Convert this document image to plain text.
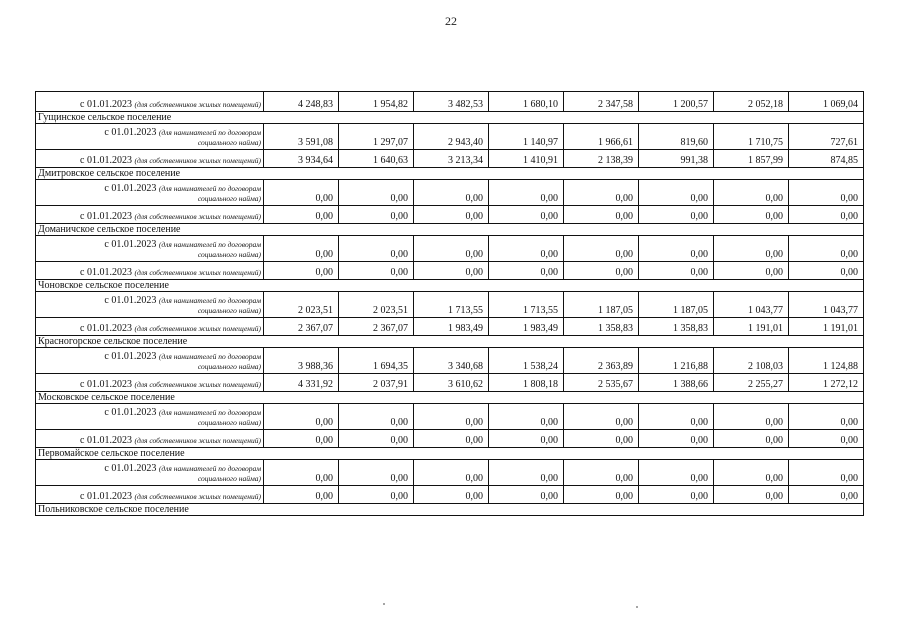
22
с 01.01.2023 (для собственников жилых помещений)	4 248,83	1 954,82	3 482,53	1 680,10	2 347,58	1 200,57	2 052,18	1 069,04
Гущинское сельское поселение								
с 01.01.2023 (для нанимателей по договорам
социального найма)	3 591,08	1 297,07	2 943,40	1 140,97	1 966,61	819,60	1 710,75	727,61
с 01.01.2023 (для собственников жилых помещений)	3 934,64	1 640,63	3 213,34	1 410,91	2 138,39	991,38	1 857,99	874,85
Дмитровское сельское поселение								
с 01.01.2023 (для нанимателей по договорам
социального найма)	0,00	0,00	0,00	0,00	0,00	0,00	0,00	0,00
с 01.01.2023 (для собственников жилых помещений)	0,00	0,00	0,00	0,00	0,00	0,00	0,00	0,00
Доманичское сельское поселение								
с 01.01.2023 (для нанимателей по договорам
социального найма)	0,00	0,00	0,00	0,00	0,00	0,00	0,00	0,00
с 01.01.2023 (для собственников жилых помещений)	0,00	0,00	0,00	0,00	0,00	0,00	0,00	0,00
Чоновское сельское поселение								
с 01.01.2023 (для нанимателей по договорам
социального найма)	2 023,51	2 023,51	1 713,55	1 713,55	1 187,05	1 187,05	1 043,77	1 043,77
с 01.01.2023 (для собственников жилых помещений)	2 367,07	2 367,07	1 983,49	1 983,49	1 358,83	1 358,83	1 191,01	1 191,01
Красногорское сельское поселение								
с 01.01.2023 (для нанимателей по договорам
социального найма)	3 988,36	1 694,35	3 340,68	1 538,24	2 363,89	1 216,88	2 108,03	1 124,88
с 01.01.2023 (для собственников жилых помещений)	4 331,92	2 037,91	3 610,62	1 808,18	2 535,67	1 388,66	2 255,27	1 272,12
Московское сельское поселение								
с 01.01.2023 (для нанимателей по договорам
социального найма)	0,00	0,00	0,00	0,00	0,00	0,00	0,00	0,00
с 01.01.2023 (для собственников жилых помещений)	0,00	0,00	0,00	0,00	0,00	0,00	0,00	0,00
Первомайское сельское поселение								
с 01.01.2023 (для нанимателей по договорам
социального найма)	0,00	0,00	0,00	0,00	0,00	0,00	0,00	0,00
с 01.01.2023 (для собственников жилых помещений)	0,00	0,00	0,00	0,00	0,00	0,00	0,00	0,00
Польниковское сельское поселение								
